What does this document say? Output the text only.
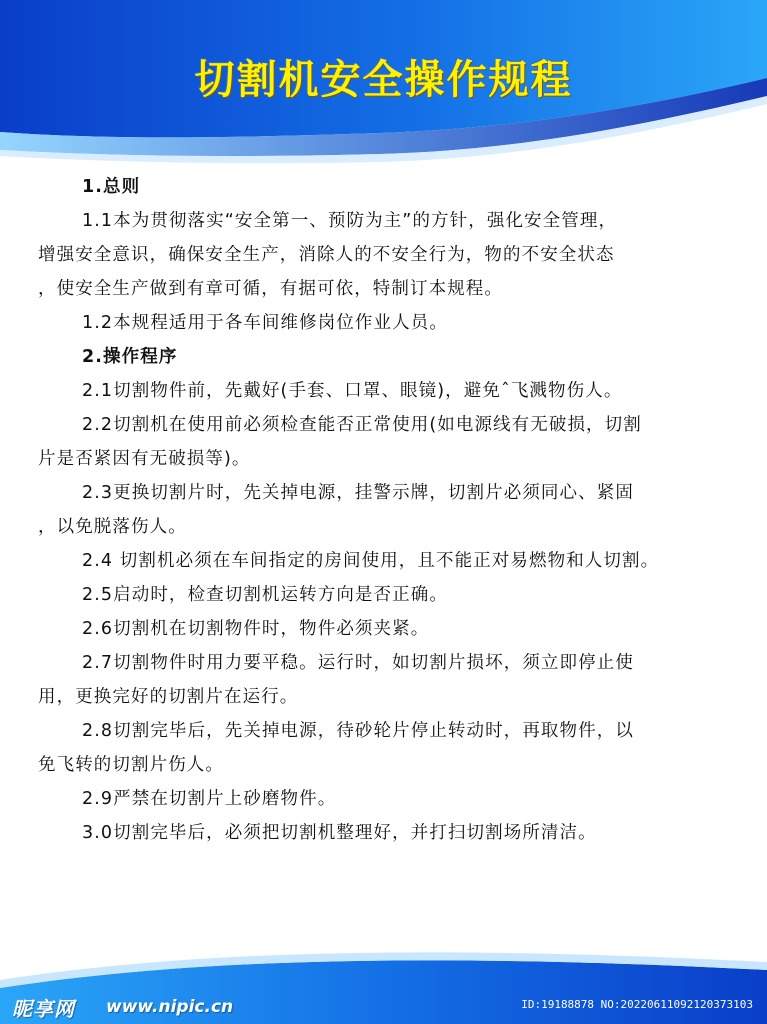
切割机安全操作规程
1.总则
1.1本为贯彻落实“安全第一、预防为主”的方针，强化安全管理，
增强安全意识，确保安全生产，消除人的不安全行为，物的不安全状态
，使安全生产做到有章可循，有据可依，特制订本规程。
1.2本规程适用于各车间维修岗位作业人员。
2.操作程序
2.1切割物件前，先戴好(手套、口罩、眼镜)，避免ˆ飞溅物伤人。
2.2切割机在使用前必须检查能否正常使用(如电源线有无破损，切割
片是否紧因有无破损等)。
2.3更换切割片时，先关掉电源，挂警示牌，切割片必须同心、紧固
，以免脱落伤人。
2.4 切割机必须在车间指定的房间使用，且不能正对易燃物和人切割。
2.5启动时，检查切割机运转方向是否正确。
2.6切割机在切割物件时，物件必须夹紧。
2.7切割物件时用力要平稳。运行时，如切割片损坏，须立即停止使
用，更换完好的切割片在运行。
2.8切割完毕后，先关掉电源，待砂轮片停止转动时，再取物件，以
免飞转的切割片伤人。
2.9严禁在切割片上砂磨物件。
3.0切割完毕后，必须把切割机整理好，并打扫切割场所清洁。
昵享网 www.nipic.cn	ID:19188878 NO:20220611092120373103
